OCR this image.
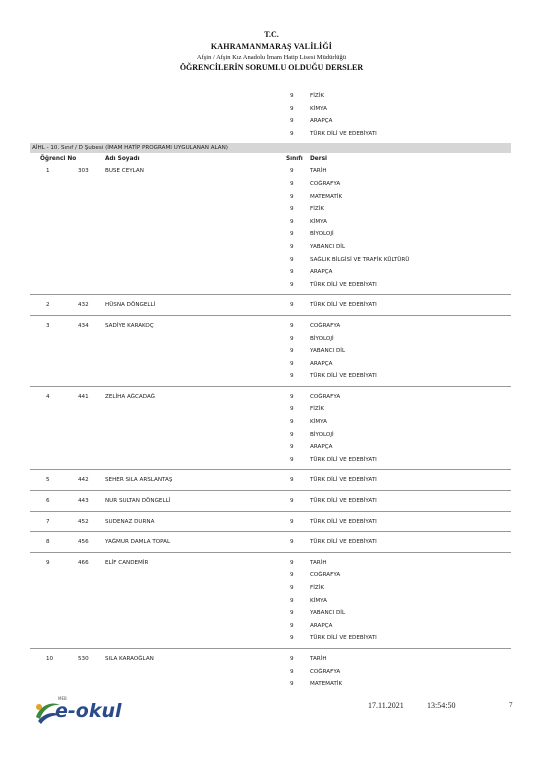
T.C.
KAHRAMANMARAŞ VALİLİĞİ
Afşin / Afşin Kız Anadolu İmam Hatip Lisesi Müdürlüğü
ÖĞRENCİLERİN SORUMLU OLDUĞU DERSLER
9	FİZİK
9	KİMYA
9	ARAPÇA
9	TÜRK DİLİ VE EDEBİYATI
AİHL - 10. Sınıf / D Şubesi (İMAM HATİP PROGRAMI UYGULANAN ALAN)
Öğrenci No	Adı Soyadı	Sınıfı Dersi
1	303	BUSE CEYLAN	9	TARİH
9	COĞRAFYA
9	MATEMATİK
9	FİZİK
9	KİMYA
9	BİYOLOJİ
9	YABANCI DİL
9	SAĞLIK BİLGİSİ VE TRAFİK KÜLTÜRÜ
9	ARAPÇA
9	TÜRK DİLİ VE EDEBİYATI
2	432	HÜSNA DÖNGELLİ	9	TÜRK DİLİ VE EDEBİYATI
3	434	SADİYE KARAKOÇ	9	COĞRAFYA
9	BİYOLOJİ
9	YABANCI DİL
9	ARAPÇA
9	TÜRK DİLİ VE EDEBİYATI
4	441	ZELİHA AĞCADAĞ	9	COĞRAFYA
9	FİZİK
9	KİMYA
9	BİYOLOJİ
9	ARAPÇA
9	TÜRK DİLİ VE EDEBİYATI
5	442	SEHER SILA ARSLANTAŞ	9	TÜRK DİLİ VE EDEBİYATI
6	443	NUR SULTAN DÖNGELLİ	9	TÜRK DİLİ VE EDEBİYATI
7	452	SUDENAZ DURNA	9	TÜRK DİLİ VE EDEBİYATI
8	456	YAĞMUR DAMLA TOPAL	9	TÜRK DİLİ VE EDEBİYATI
9	466	ELİF CANDEMİR	9	TARİH
9	COĞRAFYA
9	FİZİK
9	KİMYA
9	YABANCI DİL
9	ARAPÇA
9	TÜRK DİLİ VE EDEBİYATI
10	530	SILA KARAOĞLAN	9	TARİH
9	COĞRAFYA
9	MATEMATİK
MEB
e-okul	17.11.2021	13:54:50	7
